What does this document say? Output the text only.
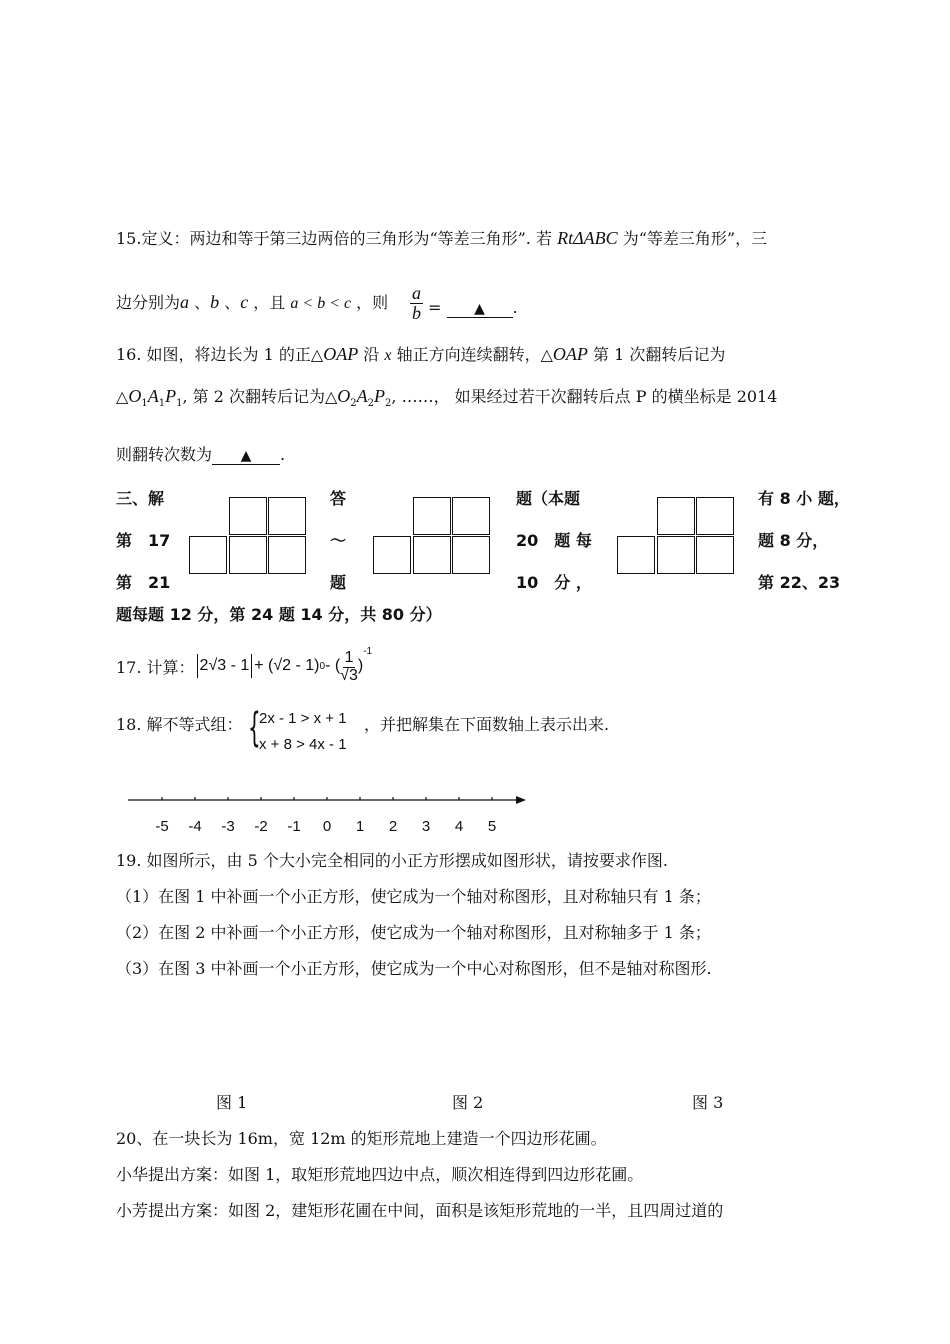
15.定义：两边和等于第三边两倍的三角形为“等差三角形”. 若 RtΔABC 为“等差三角形”，三
边分别为a 、b 、c ，且 a < b < c ，则 $\frac{a}{b}$ = ▲ .
16. 如图，将边长为 1 的正△OAP 沿 x 轴正方向连续翻转，△OAP 第 1 次翻转后记为
$\triangle O_1A_1P_1$, 第 2 次翻转后记为$\triangle O_2A_2P_2$, ……， 如果经过若干次翻转后点 P 的横坐标是 2014
则翻转次数为 ▲ .
三、解
第　17
第　21
答
～
题
题（本题
20　题 每
10　分 ，
有 8 小 题，
题 8 分，
第 22、23
题每题 12 分，第 24 题 14 分，共 80 分）
17. 计算： 2√3 - 1 + (√2 - 1) 0 - ( $\frac{1}{√3}$ )
-1
18. 解不等式组： {
2x - 1 > x + 1
x + 8 > 4x - 1
，并把解集在下面数轴上表示出来.
-5	-4	-3	-2	-1	0	1	2	3	4	5
19. 如图所示，由 5 个大小完全相同的小正方形摆成如图形状，请按要求作图.
（1）在图 1 中补画一个小正方形，使它成为一个轴对称图形，且对称轴只有 1 条；
（2）在图 2 中补画一个小正方形，使它成为一个轴对称图形，且对称轴多于 1 条；
（3）在图 3 中补画一个小正方形，使它成为一个中心对称图形，但不是轴对称图形.
图 1	图 2	图 3
20、在一块长为 16m，宽 12m 的矩形荒地上建造一个四边形花圃。
小华提出方案：如图 1，取矩形荒地四边中点，顺次相连得到四边形花圃。
小芳提出方案：如图 2，建矩形花圃在中间，面积是该矩形荒地的一半，且四周过道的
